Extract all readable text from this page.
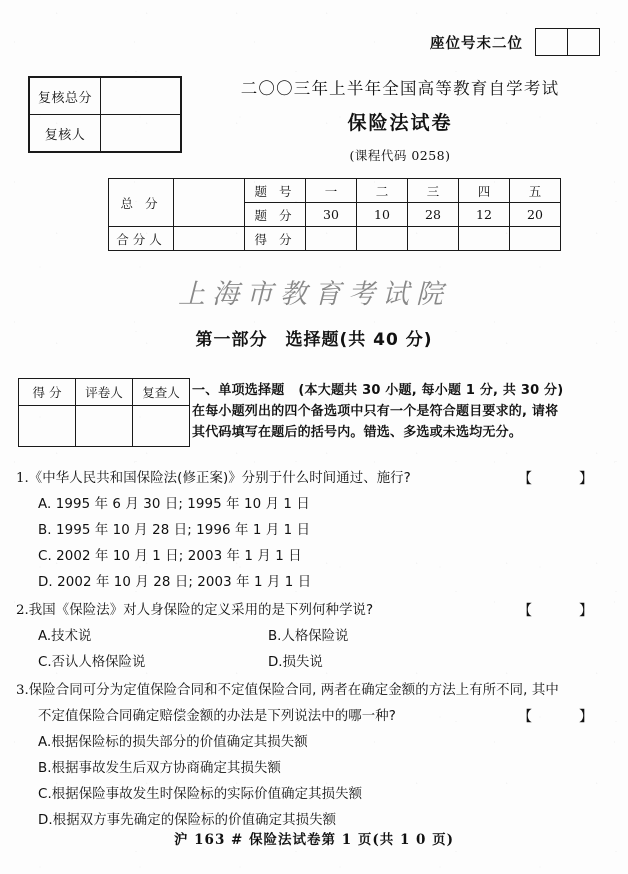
座位号末二位
复核总分	
复核人	
二〇〇三年上半年全国高等教育自学考试
保险法试卷
(课程代码 0258)
总 分		题 号	一	二	三	四	五
		题 分	30	10	28	12	20
合分人		得 分					
上海市教育考试院
第一部分 选择题(共 40 分)
得 分	评卷人	复查人
		一、单项选择题 (本大题共 30 小题, 每小题 1 分, 共 30 分)
在每小题列出的四个备选项中只有一个是符合题目要求的, 请将
其代码填写在题后的括号内。错选、多选或未选均无分。
1.《中华人民共和国保险法(修正案)》分别于什么时间通过、施行?	【	】
A. 1995 年 6 月 30 日; 1995 年 10 月 1 日
B. 1995 年 10 月 28 日; 1996 年 1 月 1 日
C. 2002 年 10 月 1 日; 2003 年 1 月 1 日
D. 2002 年 10 月 28 日; 2003 年 1 月 1 日
2.我国《保险法》对人身保险的定义采用的是下列何种学说?	【	】
A.技术说	B.人格保险说
C.否认人格保险说	D.损失说
3.保险合同可分为定值保险合同和不定值保险合同, 两者在确定金额的方法上有所不同, 其中
不定值保险合同确定赔偿金额的办法是下列说法中的哪一种?	【	】
A.根据保险标的损失部分的价值确定其损失额
B.根据事故发生后双方协商确定其损失额
C.根据保险事故发生时保险标的实际价值确定其损失额
D.根据双方事先确定的保险标的价值确定其损失额
沪 163 # 保险法试卷第 1 页(共 1 0 页)
